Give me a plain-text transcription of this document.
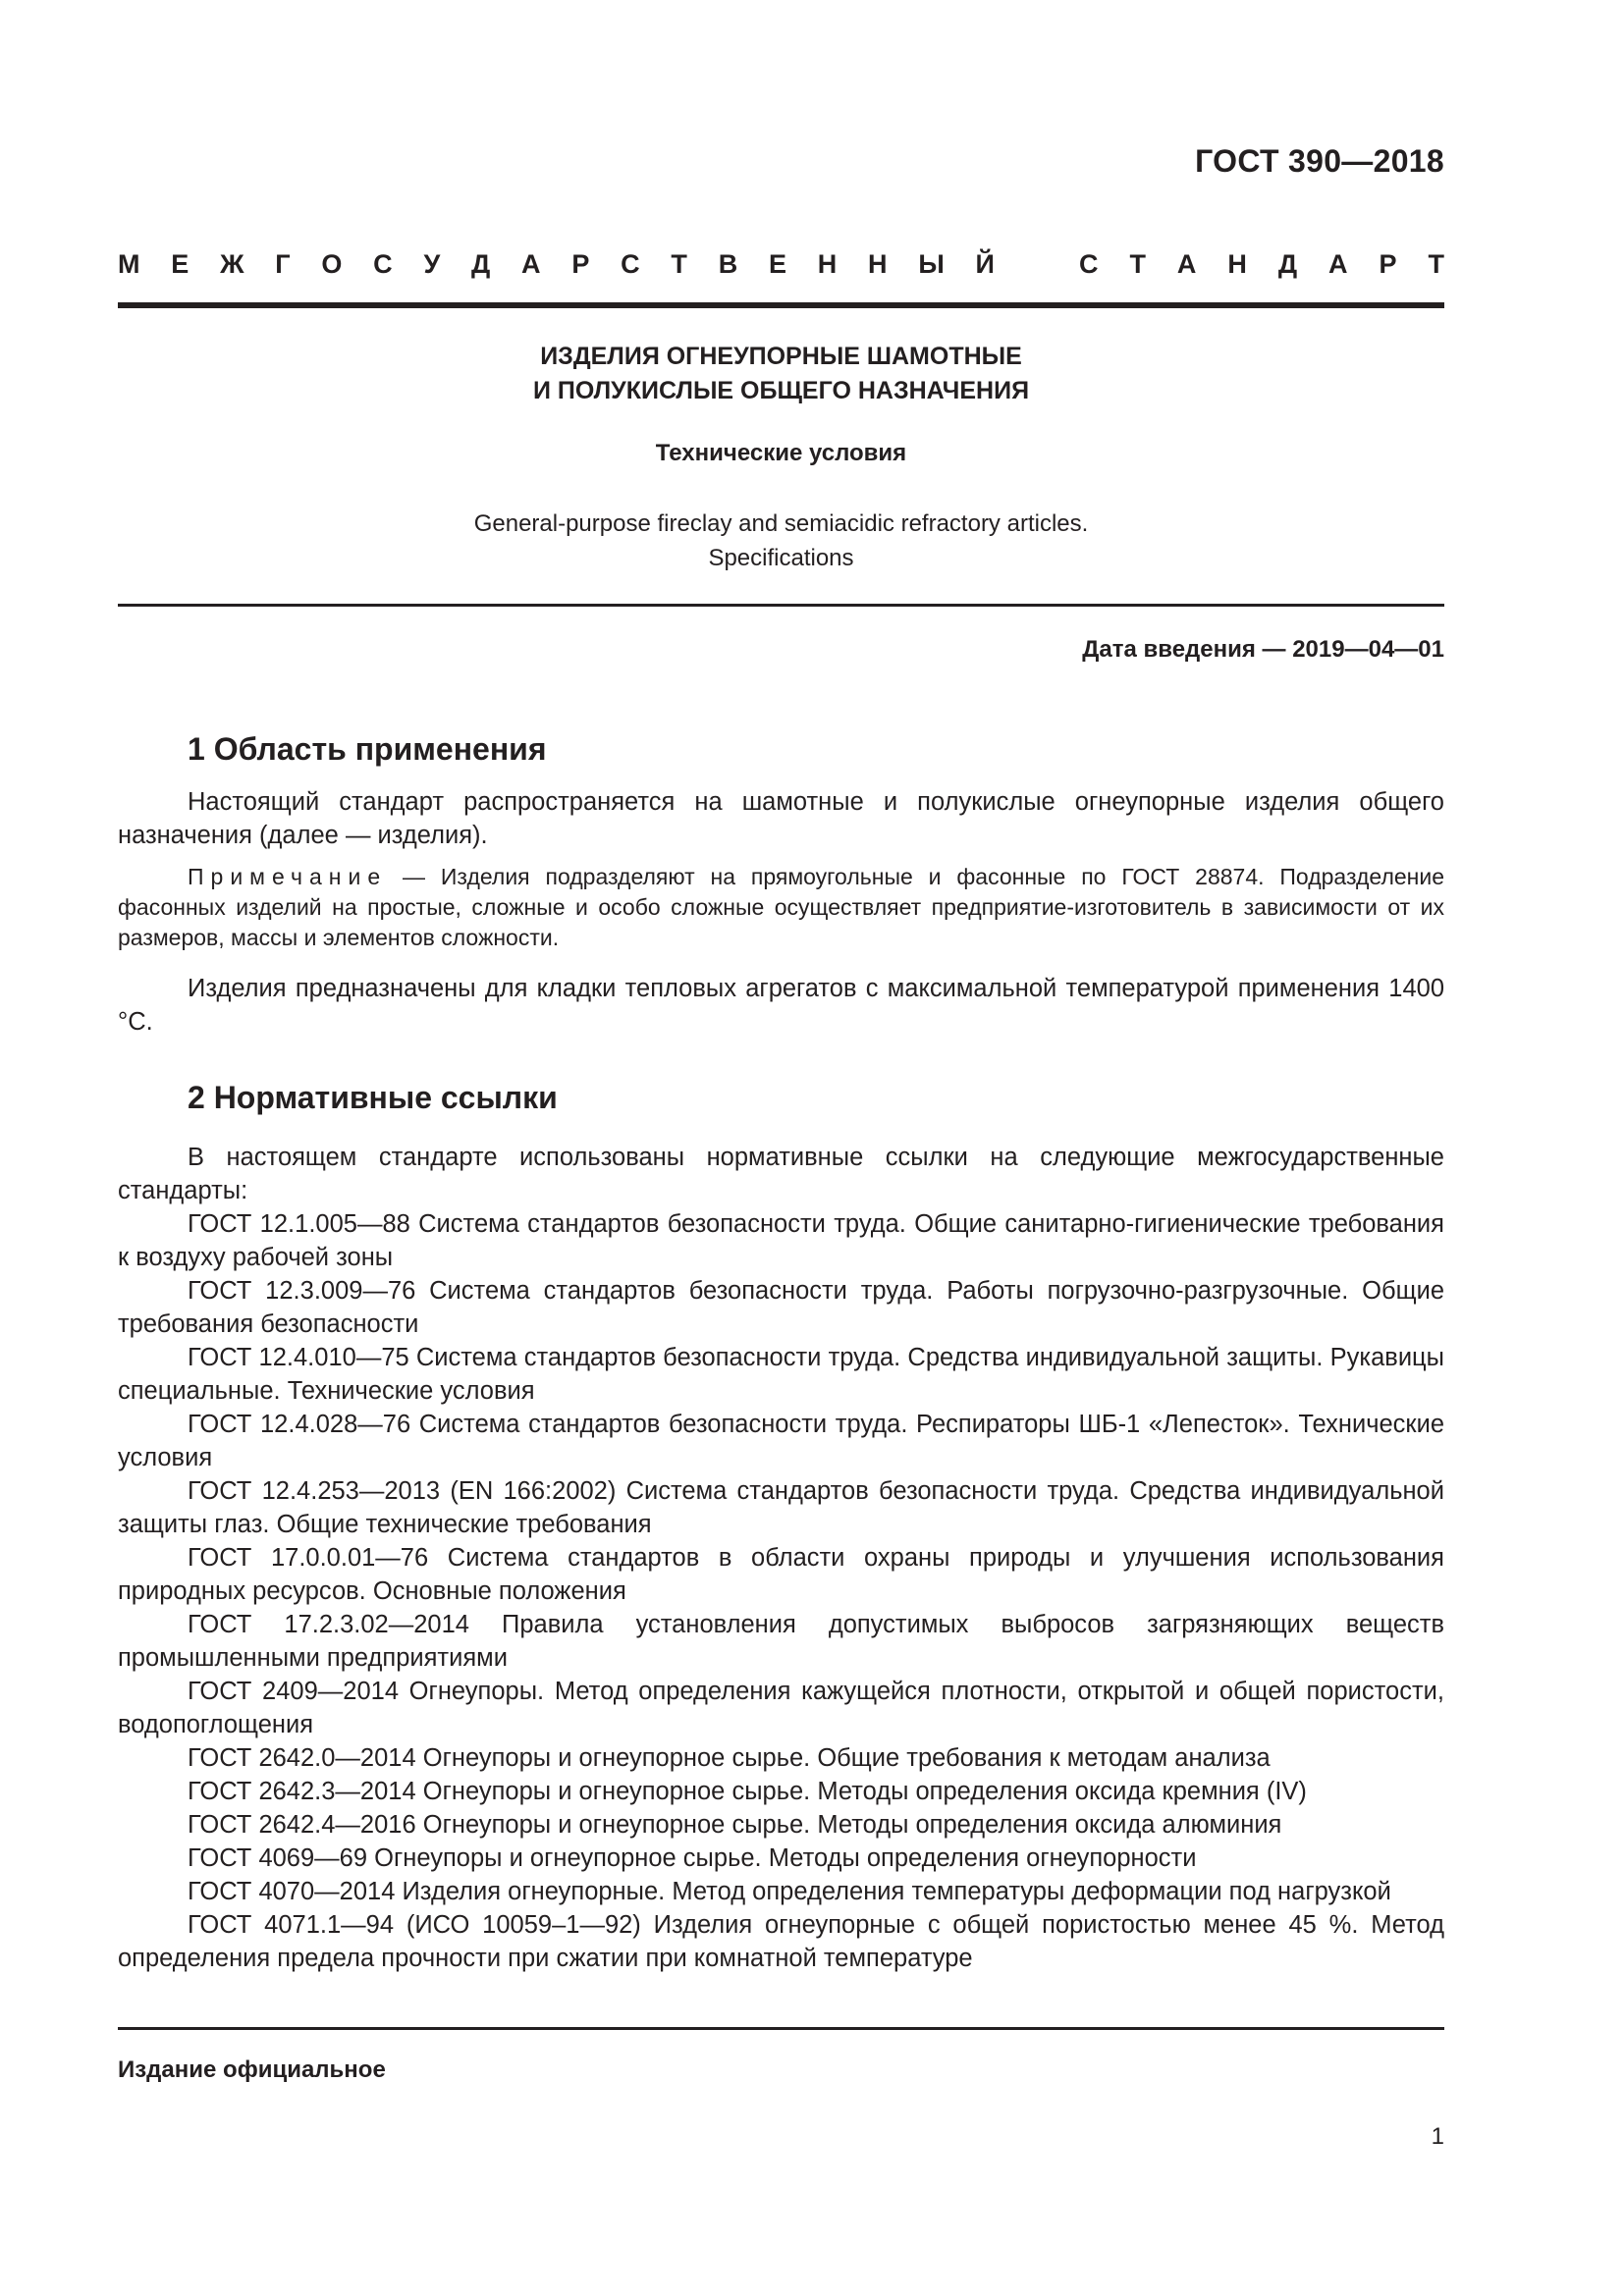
ГОСТ 390—2018
М Е Ж Г О С У Д А Р С Т В Е Н Н Ы Й	С Т А Н Д А Р Т
ИЗДЕЛИЯ ОГНЕУПОРНЫЕ ШАМОТНЫЕ
И ПОЛУКИСЛЫЕ ОБЩЕГО НАЗНАЧЕНИЯ
Технические условия
General-purpose fireclay and semiacidic refractory articles.
Specifications
Дата введения — 2019—04—01
1 Область применения
Настоящий стандарт распространяется на шамотные и полукислые огнеупорные изделия общего назначения (далее — изделия).
Примечание — Изделия подразделяют на прямоугольные и фасонные по ГОСТ 28874. Подразделение фасонных изделий на простые, сложные и особо сложные осуществляет предприятие-изготовитель в зависимости от их размеров, массы и элементов сложности.
Изделия предназначены для кладки тепловых агрегатов с максимальной температурой применения 1400 °С.
2 Нормативные ссылки

В настоящем стандарте использованы нормативные ссылки на следующие межгосударственные стандарты:

ГОСТ 12.1.005—88 Система стандартов безопасности труда. Общие санитарно-гигиенические требования к воздуху рабочей зоны

ГОСТ 12.3.009—76 Система стандартов безопасности труда. Работы погрузочно-разгрузочные. Общие требования безопасности

ГОСТ 12.4.010—75 Система стандартов безопасности труда. Средства индивидуальной защиты. Рукавицы специальные. Технические условия

ГОСТ 12.4.028—76 Система стандартов безопасности труда. Респираторы ШБ-1 «Лепесток». Технические условия

ГОСТ 12.4.253—2013 (EN 166:2002) Система стандартов безопасности труда. Средства индивидуальной защиты глаз. Общие технические требования

ГОСТ 17.0.0.01—76 Система стандартов в области охраны природы и улучшения использования природных ресурсов. Основные положения

ГОСТ 17.2.3.02—2014 Правила установления допустимых выбросов загрязняющих веществ промышленными предприятиями

ГОСТ 2409—2014 Огнеупоры. Метод определения кажущейся плотности, открытой и общей пористости, водопоглощения

ГОСТ 2642.0—2014 Огнеупоры и огнеупорное сырье. Общие требования к методам анализа

ГОСТ 2642.3—2014 Огнеупоры и огнеупорное сырье. Методы определения оксида кремния (IV)

ГОСТ 2642.4—2016 Огнеупоры и огнеупорное сырье. Методы определения оксида алюминия

ГОСТ 4069—69 Огнеупоры и огнеупорное сырье. Методы определения огнеупорности

ГОСТ 4070—2014 Изделия огнеупорные. Метод определения температуры деформации под нагрузкой

ГОСТ 4071.1—94 (ИСО 10059–1—92) Изделия огнеупорные с общей пористостью менее 45 %. Метод определения предела прочности при сжатии при комнатной температуре

Издание официальное
1
